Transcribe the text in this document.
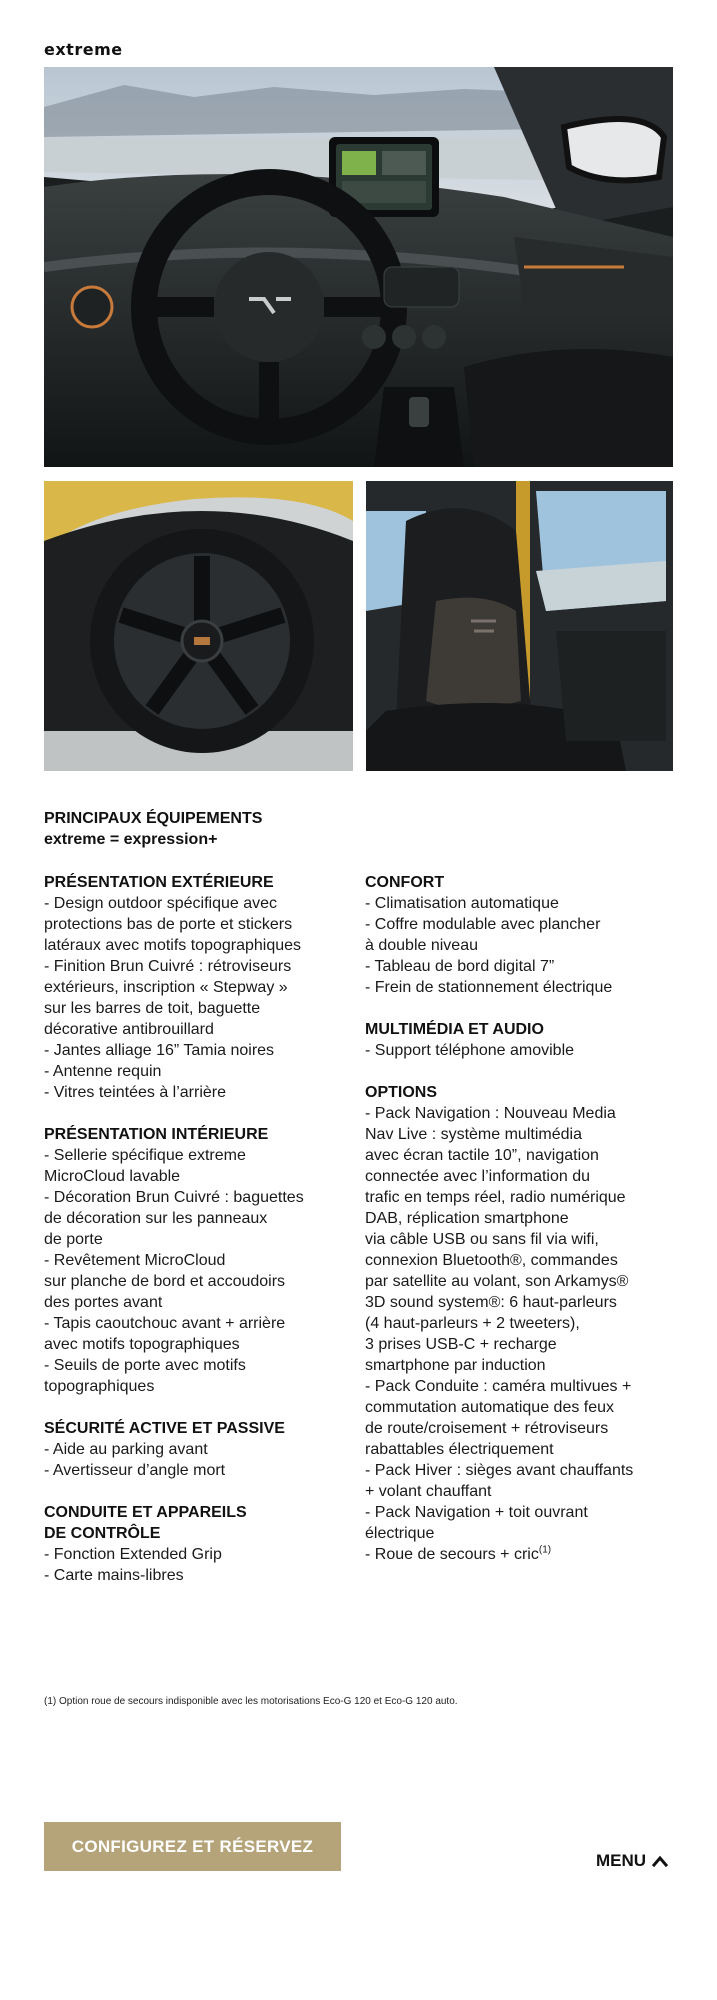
extreme
PRINCIPAUX ÉQUIPEMENTS
extreme = expression+
PRÉSENTATION EXTÉRIEURE
- Design outdoor spécifique avec
protections bas de porte et stickers
latéraux avec motifs topographiques
- Finition Brun Cuivré : rétroviseurs
extérieurs, inscription « Stepway »
sur les barres de toit, baguette
décorative antibrouillard
- Jantes alliage 16” Tamia noires
- Antenne requin
- Vitres teintées à l’arrière
PRÉSENTATION INTÉRIEURE
- Sellerie spécifique extreme
MicroCloud lavable
- Décoration Brun Cuivré : baguettes
de décoration sur les panneaux
de porte
- Revêtement MicroCloud
sur planche de bord et accoudoirs
des portes avant
- Tapis caoutchouc avant + arrière
avec motifs topographiques
- Seuils de porte avec motifs
topographiques
SÉCURITÉ ACTIVE ET PASSIVE
- Aide au parking avant
- Avertisseur d’angle mort
CONDUITE ET APPAREILS
DE CONTRÔLE
- Fonction Extended Grip
- Carte mains-libres
CONFORT
- Climatisation automatique
- Coffre modulable avec plancher
à double niveau
- Tableau de bord digital 7”
- Frein de stationnement électrique
MULTIMÉDIA ET AUDIO
- Support téléphone amovible
OPTIONS
- Pack Navigation : Nouveau Media
Nav Live : système multimédia
avec écran tactile 10”, navigation
connectée avec l’information du
trafic en temps réel, radio numérique
DAB, réplication smartphone
via câble USB ou sans fil via wifi,
connexion Bluetooth®, commandes
par satellite au volant, son Arkamys®
3D sound system®: 6 haut-parleurs
(4 haut-parleurs + 2 tweeters),
3 prises USB-C + recharge
smartphone par induction
- Pack Conduite : caméra multivues +
commutation automatique des feux
de route/croisement + rétroviseurs
rabattables électriquement
- Pack Hiver : sièges avant chauffants
+ volant chauffant
- Pack Navigation + toit ouvrant
électrique
- Roue de secours + cric$^{(1)}$
(1) Option roue de secours indisponible avec les motorisations Eco-G 120 et Eco-G 120 auto.
CONFIGUREZ ET RÉSERVEZ
MENU
